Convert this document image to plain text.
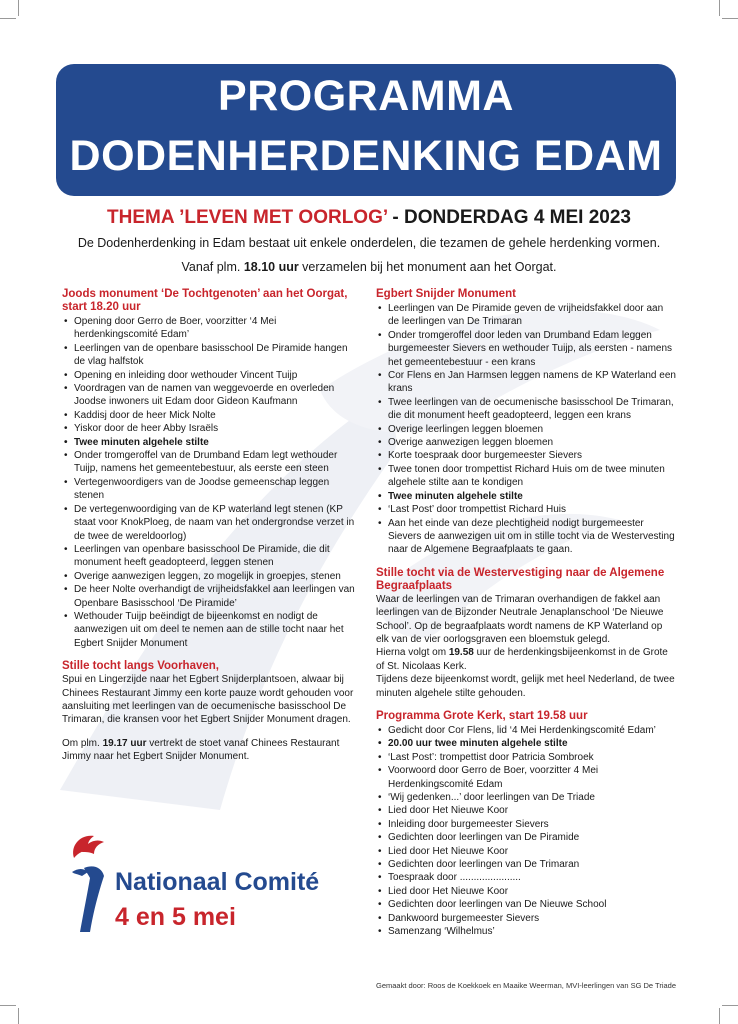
PROGRAMMA
DODENHERDENKING EDAM
THEMA ’LEVEN MET OORLOG’ - DONDERDAG 4 MEI 2023
De Dodenherdenking in Edam bestaat uit enkele onderdelen, die tezamen de gehele herdenking vormen.
Vanaf plm. 18.10 uur verzamelen bij het monument aan het Oorgat.
Joods monument ‘De Tochtgenoten’ aan het Oorgat, start 18.20 uur
• Opening door Gerro de Boer, voorzitter ‘4 Mei herdenkingscomité Edam’
• Leerlingen van de openbare basisschool De Piramide hangen de vlag halfstok
• Opening en inleiding door wethouder Vincent Tuijp
• Voordragen van de namen van weggevoerde en overleden Joodse inwoners uit Edam door Gideon Kaufmann
• Kaddisj door de heer Mick Nolte
• Yiskor door de heer Abby Israëls
• Twee minuten algehele stilte
• Onder tromgeroffel van de Drumband Edam legt wethouder Tuijp, namens het gemeentebestuur, als eerste een steen
• Vertegenwoordigers van de Joodse gemeenschap leggen stenen
• De vertegenwoordiging van de KP waterland legt stenen (KP staat voor KnokPloeg, de naam van het ondergrondse verzet in de twee de wereldoorlog)
• Leerlingen van openbare basisschool De Piramide, die dit monument heeft geadopteerd, leggen stenen
• Overige aanwezigen leggen, zo mogelijk in groepjes, stenen
• De heer Nolte overhandigt de vrijheidsfakkel aan leerlingen van Openbare Basisschool ‘De Piramide’
• Wethouder Tuijp beëindigt de bijeenkomst en nodigt de aanwezigen uit om deel te nemen aan de stille tocht naar het Egbert Snijder Monument
Stille tocht langs Voorhaven,

Spui en Lingerzijde naar het Egbert Snijderplantsoen, alwaar bij Chinees Restaurant Jimmy een korte pauze wordt gehouden voor aansluiting met leerlingen van de oecumenische basisschool De Trimaran, die kransen voor het Egbert Snijder Monument dragen.

Om plm. 19.17 uur vertrekt de stoet vanaf Chinees Restaurant Jimmy naar het Egbert Snijder Monument.

Egbert Snijder Monument
• Leerlingen van De Piramide geven de vrijheidsfakkel door aan de leerlingen van De Trimaran
• Onder tromgeroffel door leden van Drumband Edam leggen burgemeester Sievers en wethouder Tuijp, als eersten - namens het gemeentebestuur - een krans
• Cor Flens en Jan Harmsen leggen namens de KP Waterland een krans
• Twee leerlingen van de oecumenische basisschool De Trimaran, die dit monument heeft geadopteerd, leggen een krans
• Overige leerlingen leggen bloemen
• Overige aanwezigen leggen bloemen
• Korte toespraak door burgemeester Sievers
• Twee tonen door trompettist Richard Huis om de twee minuten algehele stilte aan te kondigen
• Twee minuten algehele stilte
• ‘Last Post’ door trompettist Richard Huis
• Aan het einde van deze plechtigheid nodigt burgemeester Sievers de aanwezigen uit om in stille tocht via de Westervesting naar de Algemene Begraafplaats te gaan.
Stille tocht via de Westervestiging naar de Algemene Begraafplaats

Waar de leerlingen van de Trimaran overhandigen de fakkel aan leerlingen van de Bijzonder Neutrale Jenaplanschool ‘De Nieuwe School’. Op de begraafplaats wordt namens de KP Waterland op elk van de vier oorlogsgraven een bloemstuk gelegd.

Hierna volgt om 19.58 uur de herdenkingsbijeenkomst in de Grote of St. Nicolaas Kerk.

Tijdens deze bijeenkomst wordt, gelijk met heel Nederland, de twee minuten algehele stilte gehouden.

Programma Grote Kerk, start 19.58 uur
• Gedicht door Cor Flens, lid ‘4 Mei Herdenkingscomité Edam’
• 20.00 uur twee minuten algehele stilte
• ‘Last Post’: trompettist door Patricia Sombroek
• Voorwoord door Gerro de Boer, voorzitter 4 Mei Herdenkingscomité Edam
• ‘Wij gedenken...’ door leerlingen van De Triade
• Lied door Het Nieuwe Koor
• Inleiding door burgemeester Sievers
• Gedichten door leerlingen van De Piramide
• Lied door Het Nieuwe Koor
• Gedichten door leerlingen van De Trimaran
• Toespraak door ......................
• Lied door Het Nieuwe Koor
• Gedichten door leerlingen van De Nieuwe School
• Dankwoord burgemeester Sievers
• Samenzang ‘Wilhelmus’
Nationaal Comité
4 en 5 mei
Gemaakt door: Roos de Koekkoek en Maaike Weerman, MVI-leerlingen van SG De Triade
